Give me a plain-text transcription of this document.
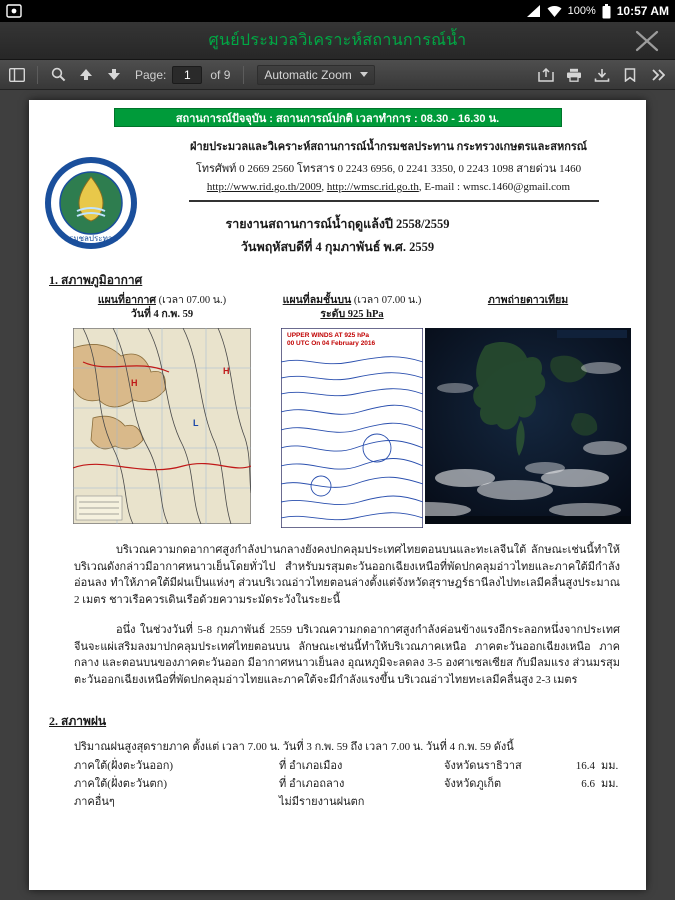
100% 10:57 AM
ศูนย์ประมวลวิเคราะห์สถานการณ์น้ำ
Page:
1	of 9	Automatic Zoom
สถานการณ์ปัจจุบัน : สถานการณ์ปกติ เวลาทำการ : 08.30 - 16.30 น.
กรมชลประทาน
ฝ่ายประมวลและวิเคราะห์สถานการณ์น้ำกรมชลประทาน กระทรวงเกษตรและสหกรณ์
โทรศัพท์ 0 2669 2560 โทรสาร 0 2243 6956, 0 2241 3350, 0 2243 1098 สายด่วน 1460
http://www.rid.go.th/2009, http://wmsc.rid.go.th, E-mail : wmsc.1460@gmail.com
รายงานสถานการณ์น้ำฤดูแล้งปี 2558/2559
วันพฤหัสบดีที่ 4 กุมภาพันธ์ พ.ศ. 2559
1. สภาพภูมิอากาศ
แผนที่อากาศ (เวลา 07.00 น.)
วันที่ 4 ก.พ. 59
H
L
H
แผนที่ลมชั้นบน (เวลา 07.00 น.)
ระดับ 925 hPa
UPPER WINDS AT 925 hPa
00 UTC On 04 February 2016
ภาพถ่ายดาวเทียม

บริเวณความกดอากาศสูงกำลังปานกลางยังคงปกคลุมประเทศไทยตอนบนและทะเลจีนใต้ ลักษณะเช่นนี้ทำให้บริเวณดังกล่าวมีอากาศหนาวเย็นโดยทั่วไป สำหรับมรสุมตะวันออกเฉียงเหนือที่พัดปกคลุมอ่าวไทยและภาคใต้มีกำลังอ่อนลง ทำให้ภาคใต้มีฝนเป็นแห่งๆ ส่วนบริเวณอ่าวไทยตอนล่างตั้งแต่จังหวัดสุราษฎร์ธานีลงไปทะเลมีคลื่นสูงประมาณ 2 เมตร ชาวเรือควรเดินเรือด้วยความระมัดระวังในระยะนี้

อนึ่ง ในช่วงวันที่ 5-8 กุมภาพันธ์ 2559 บริเวณความกดอากาศสูงกำลังค่อนข้างแรงอีกระลอกหนึ่งจากประเทศจีนจะแผ่เสริมลงมาปกคลุมประเทศไทยตอนบน ลักษณะเช่นนี้ทำให้บริเวณภาคเหนือ ภาคตะวันออกเฉียงเหนือ ภาคกลาง และตอนบนของภาคตะวันออก มีอากาศหนาวเย็นลง อุณหภูมิจะลดลง 3-5 องศาเซลเซียส กับมีลมแรง ส่วนมรสุมตะวันออกเฉียงเหนือที่พัดปกคลุมอ่าวไทยและภาคใต้จะมีกำลังแรงขึ้น บริเวณอ่าวไทยทะเลมีคลื่นสูง 2-3 เมตร

2. สภาพฝน
ปริมาณฝนสูงสุดรายภาค ตั้งแต่ เวลา 7.00 น. วันที่ 3 ก.พ. 59 ถึง เวลา 7.00 น. วันที่ 4 ก.พ. 59 ดังนี้
ภาคใต้(ฝั่งตะวันออก)	ที่ อำเภอเมือง	จังหวัดนราธิวาส	16.4 มม.
ภาคใต้(ฝั่งตะวันตก)	ที่ อำเภอถลาง	จังหวัดภูเก็ต	6.6 มม.
ภาคอื่นๆ	ไม่มีรายงานฝนตก
